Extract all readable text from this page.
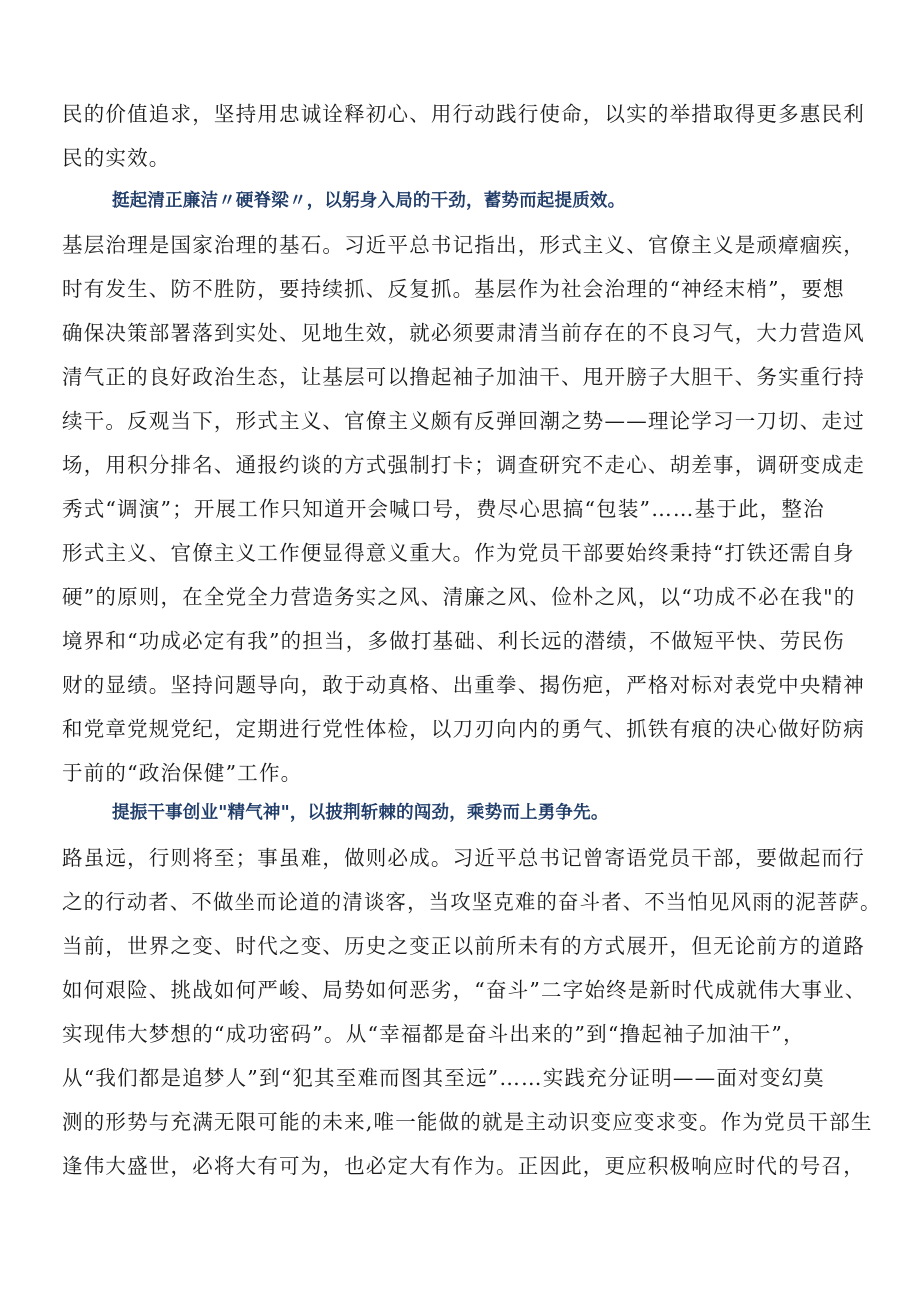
民的价值追求，坚持用忠诚诠释初心、用行动践行使命，以实的举措取得更多惠民利
民的实效。
挺起清正廉洁〃硬脊梁〃，以躬身入局的干劲，蓄势而起提质效。
基层治理是国家治理的基石。习近平总书记指出，形式主义、官僚主义是顽瘴痼疾，
时有发生、防不胜防，要持续抓、反复抓。基层作为社会治理的“神经末梢”，要想
确保决策部署落到实处、见地生效，就必须要肃清当前存在的不良习气，大力营造风
清气正的良好政治生态，让基层可以撸起袖子加油干、甩开膀子大胆干、务实重行持
续干。反观当下，形式主义、官僚主义颇有反弹回潮之势——理论学习一刀切、走过
场，用积分排名、通报约谈的方式强制打卡；调查研究不走心、胡差事，调研变成走
秀式“调演”；开展工作只知道开会喊口号，费尽心思搞“包装”……基于此，整治
形式主义、官僚主义工作便显得意义重大。作为党员干部要始终秉持“打铁还需自身
硬”的原则，在全党全力营造务实之风、清廉之风、俭朴之风，以“功成不必在我"的
境界和“功成必定有我”的担当，多做打基础、利长远的潜绩，不做短平快、劳民伤
财的显绩。坚持问题导向，敢于动真格、出重拳、揭伤疤，严格对标对表党中央精神
和党章党规党纪，定期进行党性体检，以刀刃向内的勇气、抓铁有痕的决心做好防病
于前的“政治保健”工作。
提振干事创业"精气神"，以披荆斩棘的闯劲，乘势而上勇争先。
路虽远，行则将至；事虽难，做则必成。习近平总书记曾寄语党员干部，要做起而行
之的行动者、不做坐而论道的清谈客，当攻坚克难的奋斗者、不当怕见风雨的泥菩萨。
当前，世界之变、时代之变、历史之变正以前所未有的方式展开，但无论前方的道路
如何艰险、挑战如何严峻、局势如何恶劣，“奋斗”二字始终是新时代成就伟大事业、
实现伟大梦想的“成功密码”。从“幸福都是奋斗出来的”到“撸起袖子加油干”，
从“我们都是追梦人”到“犯其至难而图其至远”……实践充分证明——面对变幻莫
测的形势与充满无限可能的未来,唯一能做的就是主动识变应变求变。作为党员干部生
逢伟大盛世，必将大有可为，也必定大有作为。正因此，更应积极响应时代的号召，
